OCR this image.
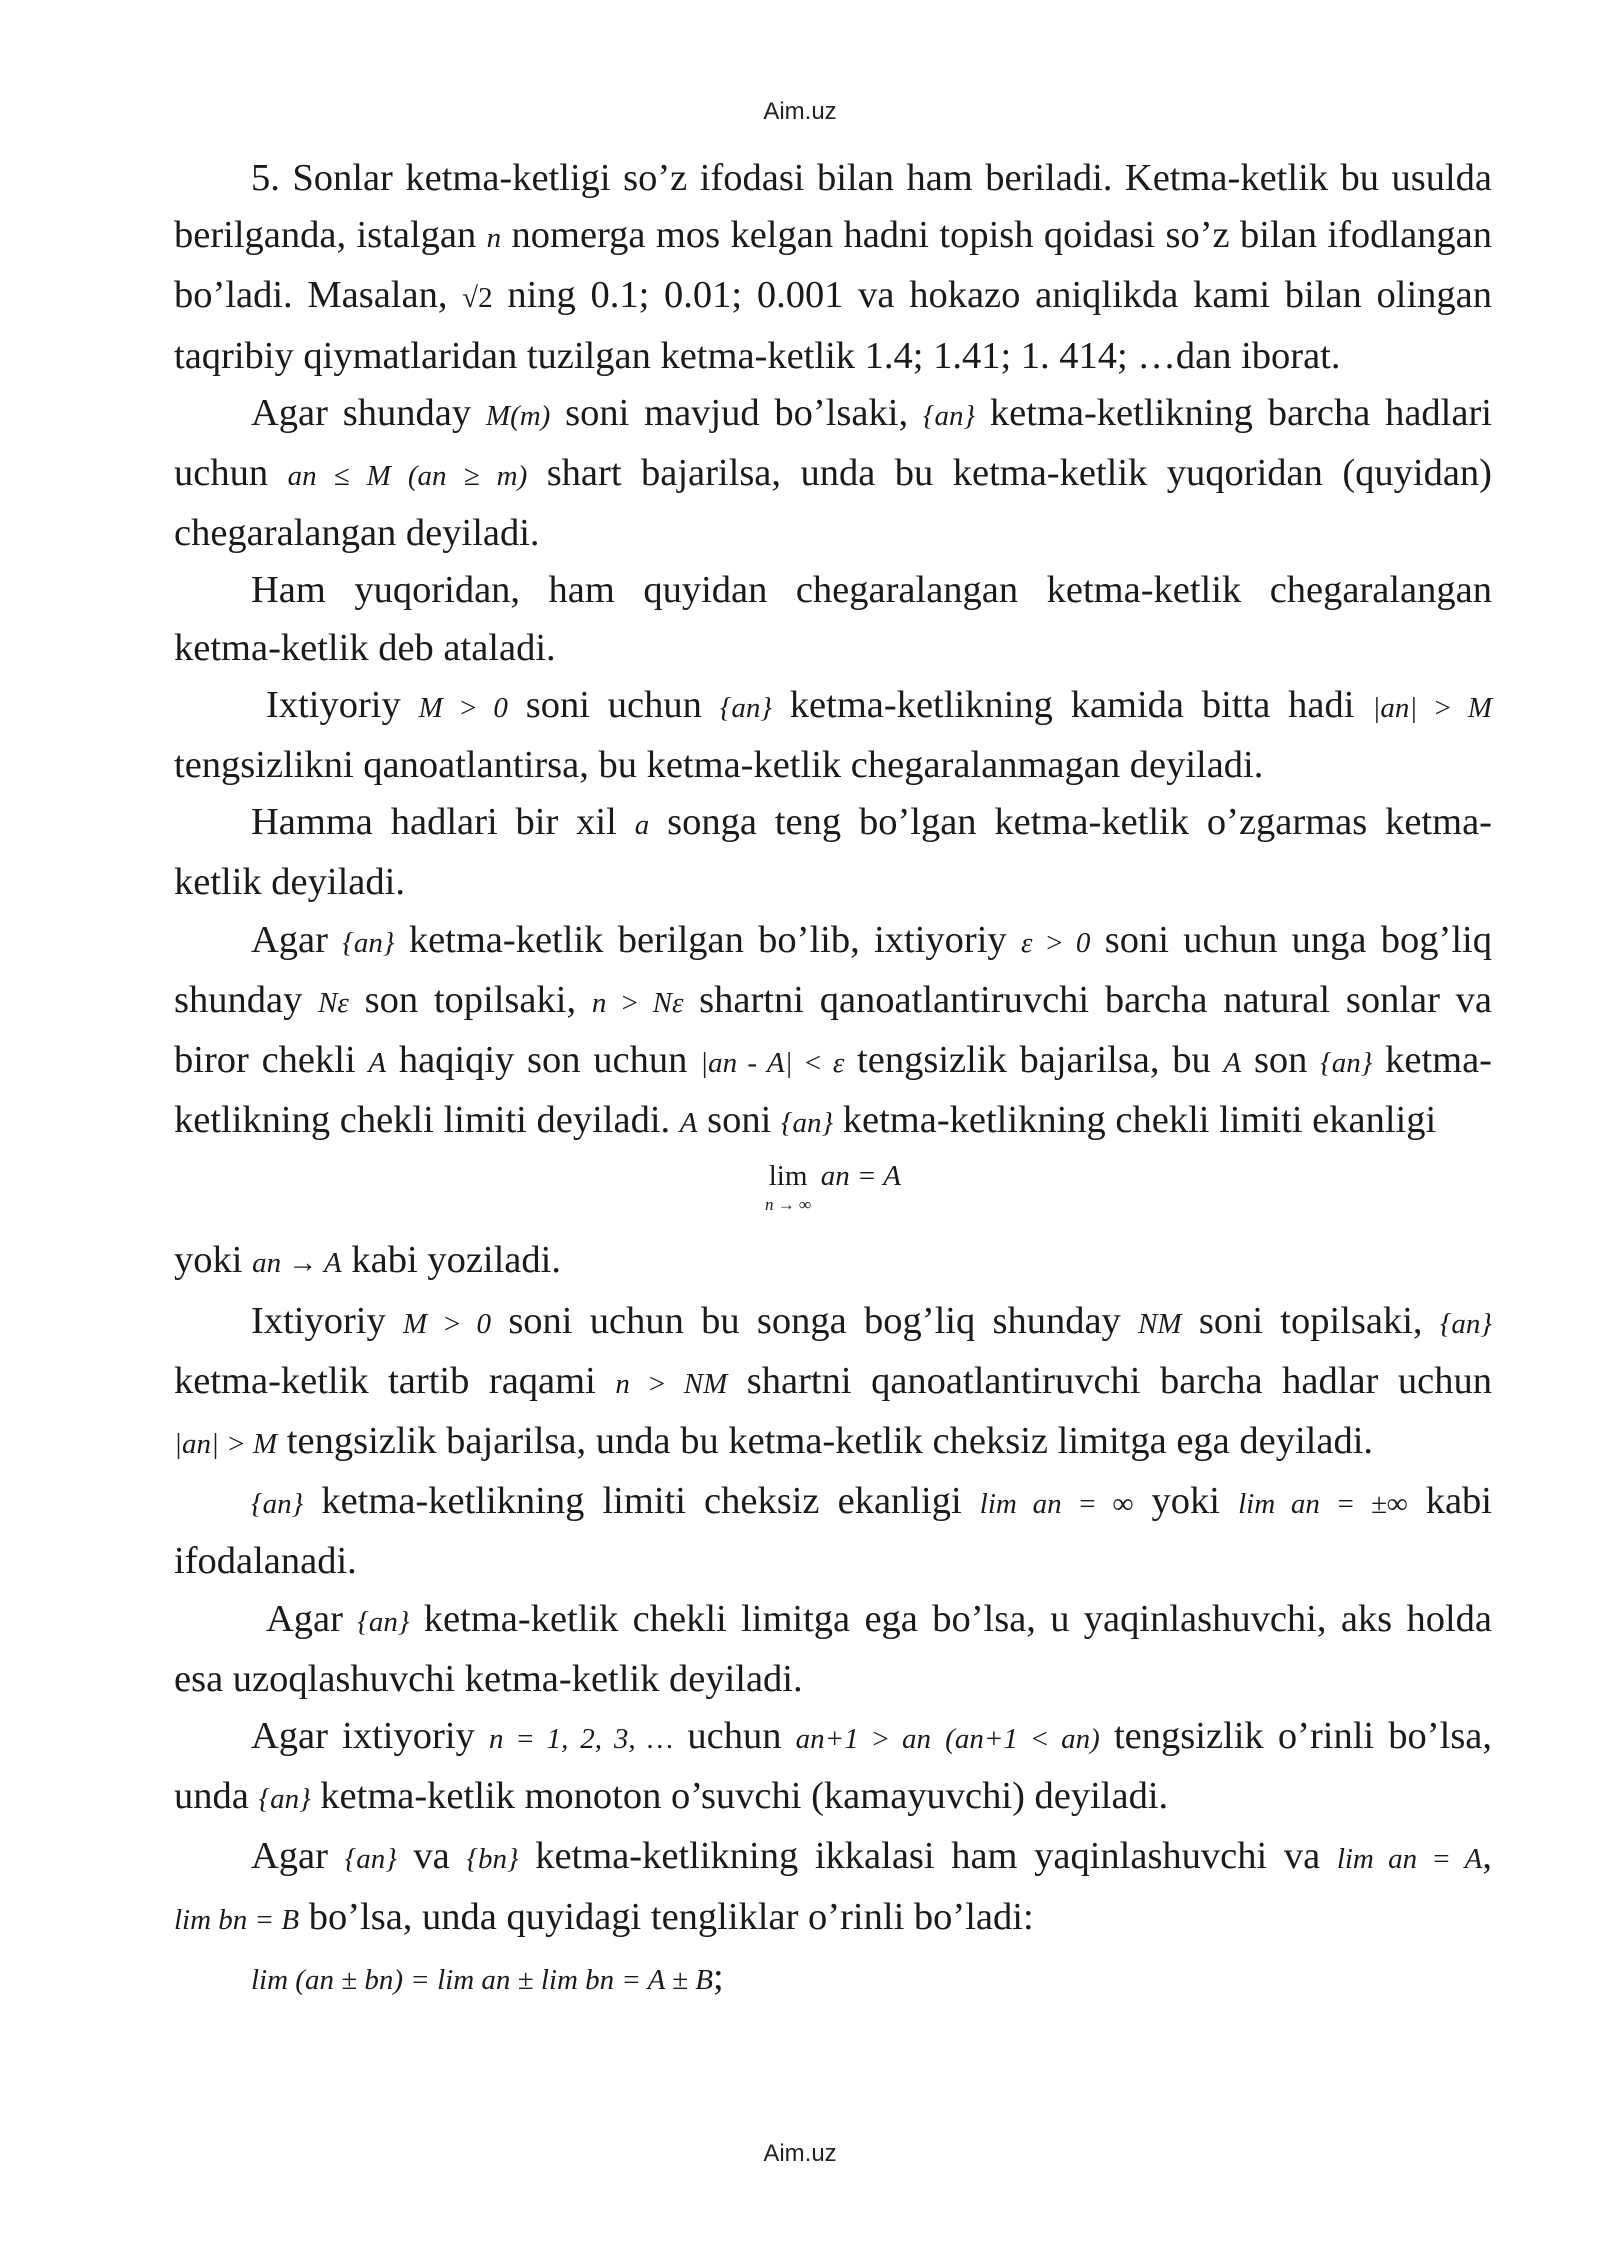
Aim.uz

5. Sonlar ketma-ketligi so’z ifodasi bilan ham beriladi. Ketma-ketlik bu usulda berilganda, istalgan n nomerga mos kelgan hadni topish qoidasi so’z bilan ifodlangan bo’ladi. Masalan, √2 ning 0.1; 0.01; 0.001 va hokazo aniqlikda kami bilan olingan taqribiy qiymatlaridan tuzilgan ketma-ketlik 1.4; 1.41; 1. 414; …dan iborat.

Agar shunday M(m) soni mavjud bo’lsaki, {an} ketma-ketlikning barcha hadlari uchun an ≤ M (an ≥ m) shart bajarilsa, unda bu ketma-ketlik yuqoridan (quyidan) chegaralangan deyiladi.

Ham yuqoridan, ham quyidan chegaralangan ketma-ketlik chegaralangan ketma-ketlik deb ataladi.

Ixtiyoriy M > 0 soni uchun {an} ketma-ketlikning kamida bitta hadi |an| > M tengsizlikni qanoatlantirsa, bu ketma-ketlik chegaralanmagan deyiladi.

Hamma hadlari bir xil a songa teng bo’lgan ketma-ketlik o’zgarmas ketma-ketlik deyiladi.

Agar {an} ketma-ketlik berilgan bo’lib, ixtiyoriy ε > 0 soni uchun unga bog’liq shunday Nε son topilsaki, n > Nε shartni qanoatlantiruvchi barcha natural sonlar va biror chekli A haqiqiy son uchun |an - A| < ε tengsizlik bajarilsa, bu A son {an} ketma-ketlikning chekli limiti deyiladi. A soni {an} ketma-ketlikning chekli limiti ekanligi

lim
n → ∞
an = A

yoki an → A kabi yoziladi.

Ixtiyoriy M > 0 soni uchun bu songa bog’liq shunday NM soni topilsaki, {an} ketma-ketlik tartib raqami n > NM shartni qanoatlantiruvchi barcha hadlar uchun |an| > M tengsizlik bajarilsa, unda bu ketma-ketlik cheksiz limitga ega deyiladi.

{an} ketma-ketlikning limiti cheksiz ekanligi lim an = ∞ yoki lim an = ±∞ kabi ifodalanadi.

Agar {an} ketma-ketlik chekli limitga ega bo’lsa, u yaqinlashuvchi, aks holda esa uzoqlashuvchi ketma-ketlik deyiladi.

Agar ixtiyoriy n = 1, 2, 3, … uchun an+1 > an (an+1 < an) tengsizlik o’rinli bo’lsa, unda {an} ketma-ketlik monoton o’suvchi (kamayuvchi) deyiladi.

Agar {an} va {bn} ketma-ketlikning ikkalasi ham yaqinlashuvchi va lim an = A, lim bn = B bo’lsa, unda quyidagi tengliklar o’rinli bo’ladi:

lim (an ± bn) = lim an ± lim bn = A ± B;

Aim.uz
